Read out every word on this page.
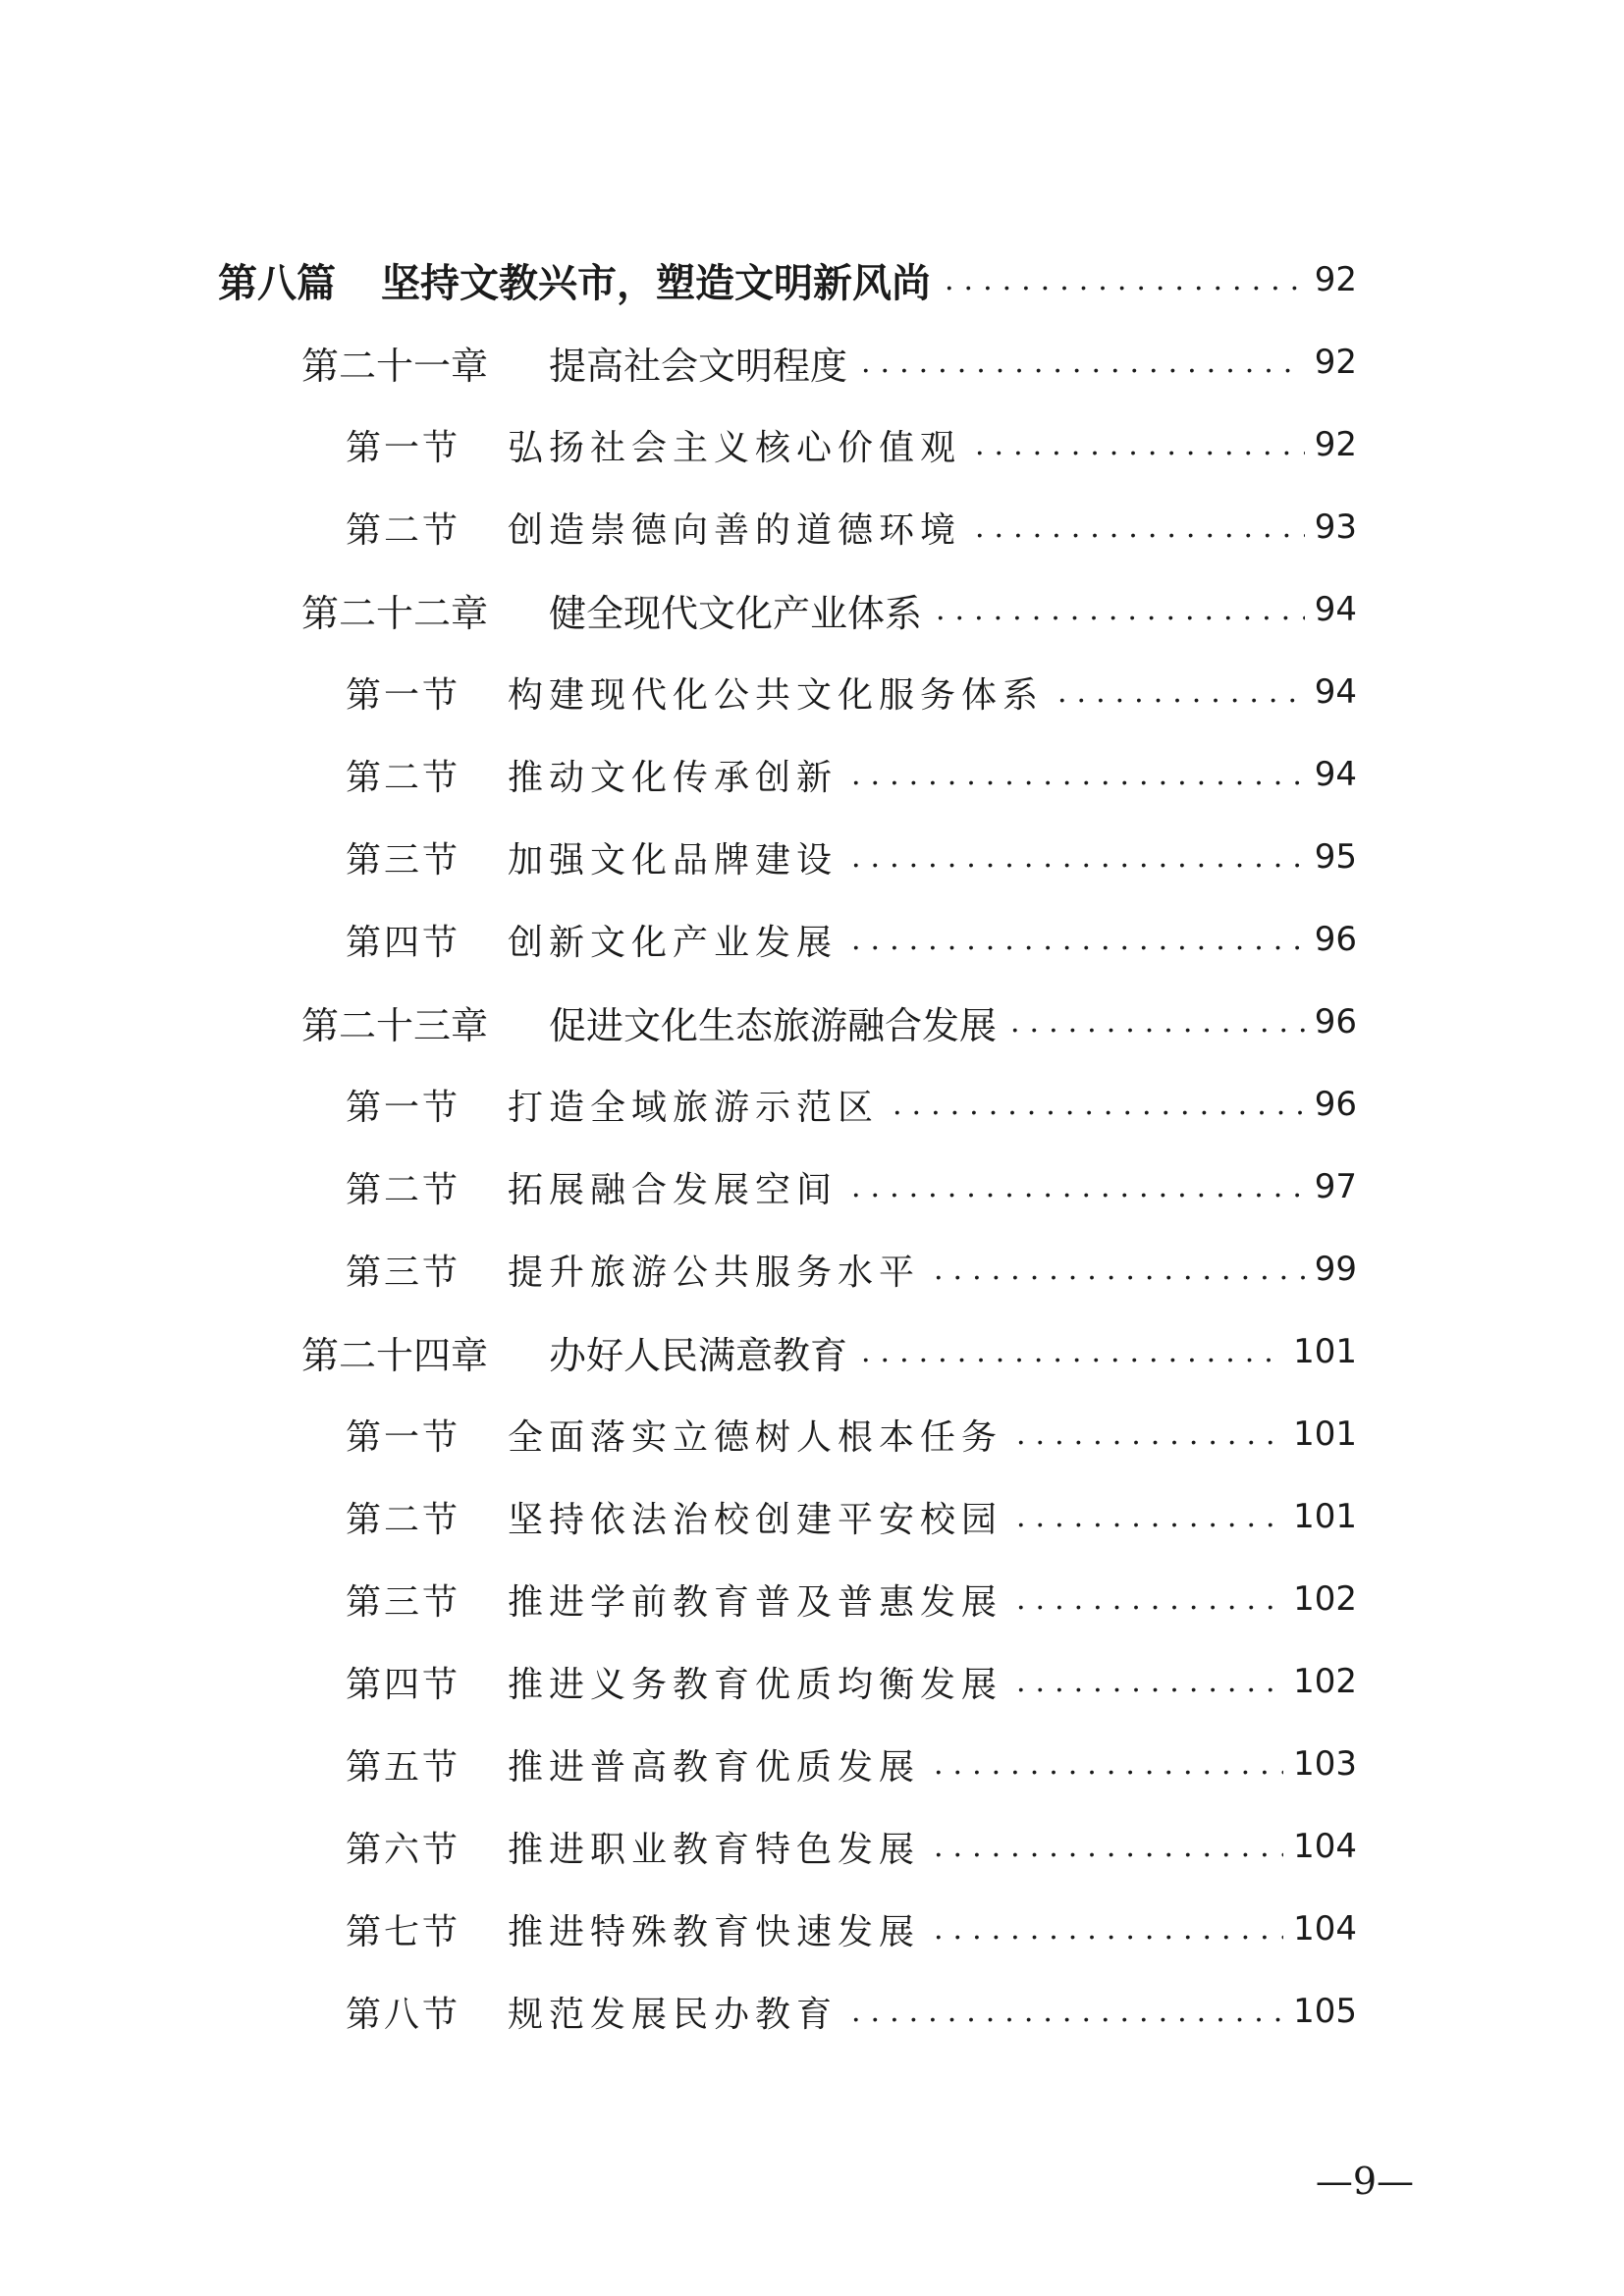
第八篇	坚持文教兴市，塑造文明新风尚 .....	92
第二十一章	提高社会文明程度 .....	92
第一节	弘扬社会主义核心价值观 .....	92
第二节	创造崇德向善的道德环境 .....	93
第二十二章	健全现代文化产业体系 .....	94
第一节	构建现代化公共文化服务体系 .....	94
第二节	推动文化传承创新 .....	94
第三节	加强文化品牌建设 .....	95
第四节	创新文化产业发展 .....	96
第二十三章	促进文化生态旅游融合发展 .....	96
第一节	打造全域旅游示范区 .....	96
第二节	拓展融合发展空间 .....	97
第三节	提升旅游公共服务水平 .....	99
第二十四章	办好人民满意教育 .....	101
第一节	全面落实立德树人根本任务 .....	101
第二节	坚持依法治校创建平安校园 .....	101
第三节	推进学前教育普及普惠发展 .....	102
第四节	推进义务教育优质均衡发展 .....	102
第五节	推进普高教育优质发展 .....	103
第六节	推进职业教育特色发展 .....	104
第七节	推进特殊教育快速发展 .....	104
第八节	规范发展民办教育 .....	105
—9—
